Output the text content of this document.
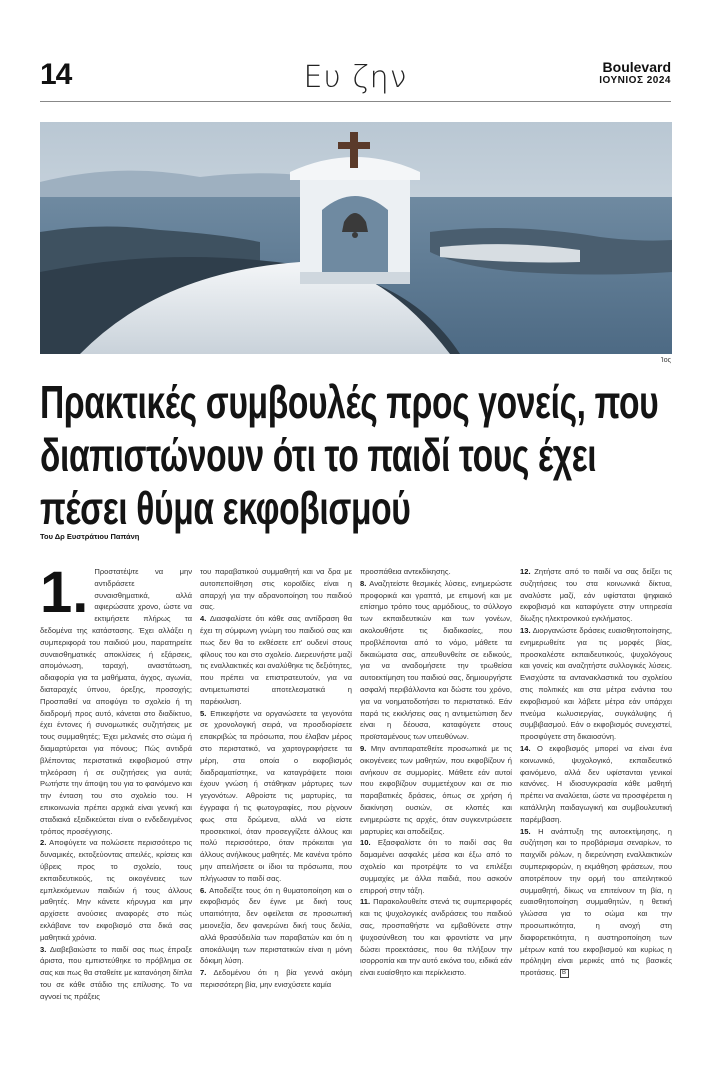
14	Ευ ζην	Boulevard
ΙΟΥΝΙΟΣ 2024
Ίος
Πρακτικές συμβουλές προς γονείς, που διαπιστώνουν ότι το παιδί τους έχει πέσει θύμα εκφοβισμού
Του Δρ Ευστράτιου Παπάνη

1. Προστατέψτε να μην αντιδράσετε συναισθηματικά, αλλά αφιερώσατε χρονο, ώστε να εκτιμήσετε πλήρως τα δεδομένα της κατάστασης. Έχει αλλάξει η συμπεριφορά του παιδιού μου, παρατηρείτε συναισθηματικές αποκλίσεις ή εξάρσεις, απομόνωση, ταραχή, αναστάτωση, αδιαφορία για τα μαθήματα, άγχος, αγωνία, διαταραχές ύπνου, όρεξης, προσοχής; Προσπαθεί να αποφύγει το σχολείο ή τη διαδρομή προς αυτό, κάνεται στο διαδίκτυο, έχει έντονες ή συνομωτικές συζητήσεις με τους συμμαθητές; Έχει μελανιές στο σώμα ή διαμαρτύρεται για πόνους; Πώς αντιδρά βλέποντας περιστατικά εκφοβισμού στην τηλεόραση ή σε συζητήσεις για αυτά; Ρωτήστε την άποψη του για το φαινόμενο και την ένταση του στο σχολείο του. Η επικοινωνία πρέπει αρχικά είναι γενική και σταδιακά εξειδικεύεται είναι ο ενδεδειγμένος τρόπος προσέγγισης.

2. Αποφύγετε να πολώσετε περισσότερο τις δυναμικές, εκτοξεύοντας απειλές, κρίσεις και ύβρεις προς το σχολείο, τους εκπαιδευτικούς, τις οικογένειες των εμπλεκόμενων παιδιών ή τους άλλους μαθητές. Μην κάνετε κήρυγμα και μην αρχίσετε ανούσιες αναφορές στο πώς εκλάβανε τον εκφοβισμό στα δικά σας μαθητικά χρόνια.

3. Διαβεβαιώστε το παιδί σας πως έπραξε άριστα, που εμπιστεύθηκε το πρόβλημα σε σας και πως θα σταθείτε με κατανόηση δίπλα του σε κάθε στάδιο της επίλυσης. Το να αγνοεί τις πράξεις

του παραβατικού συμμαθητή και να δρα με αυτοπεποίθηση στις κοροϊδίες είναι η απαρχή για την αδρανοποίηση του παιδιού σας.

4. Διασφαλίστε ότι κάθε σας αντίδραση θα έχει τη σύμφωνη γνώμη του παιδιού σας και πως δεν θα το εκθέσετε επ' ουδενί στους φίλους του και στο σχολείο. Διερευνήστε μαζί τις εναλλακτικές και αναλύθηκε τις δεξιότητες, που πρέπει να επιστρατευτούν, για να αντιμετωπιστεί αποτελεσματικά η παρέκκλιση.

5. Επικεφήστε να οργανώσετε τα γεγονότα σε χρονολογική σειρά, να προσδιορίσετε επακριβώς τα πρόσωπα, που έλαβαν μέρος στο περιστατικό, να χαρτογραφήσετε τα μέρη, στα οποία ο εκφοβισμός διαδραματίστηκε, να καταγράψετε ποιοι έχουν γνώση ή στάθηκαν μάρτυρες των γεγονότων. Αθροίστε τις μαρτυρίες, τα έγγραφα ή τις φωτογραφίες, που ρίχνουν φως στα δρώμενα, αλλά να είστε προσεκτικοί, όταν προσεγγίζετε άλλους και πολύ περισσότερο, όταν πρόκειται για άλλους ανήλικους μαθητές. Με κανένα τρόπο μην απειλήσετε οι ίδιοι τα πρόσωπα, που πλήγωσαν το παιδί σας.

6. Αποδείξτε τους ότι η θυματοποίηση και ο εκφοβισμός δεν έγινε με δική τους υπαιτιότητα, δεν οφείλεται σε προσωπική μειονεξία, δεν φανερώνει δική τους δειλία, αλλά θρασύδειλία των παραβατών και ότι η αποκάλυψη των περιστατικών είναι η μόνη δόκιμη λύση.

7. Δεδομένου ότι η βία γεννά ακόμη περισσότερη βία, μην ενισχύσετε καμία

προσπάθεια αντεκδίκησης.

8. Αναζητείστε θεσμικές λύσεις, ενημερώστε προφορικά και γραπτά, με επιμονή και με επίσημο τρόπο τους αρμόδιους, το σύλλογο των εκπαιδευτικών και των γονέων, ακολουθήστε τις διαδικασίες, που προβλέπονται από το νόμο, μάθετε τα δικαιώματα σας, απευθυνθείτε σε ειδικούς, για να αναδομήσετε την τρωθείσα αυτοεκτίμηση του παιδιού σας, δημιουργήστε ασφαλή περιβάλλοντα και δώστε του χρόνο, για να νοηματοδοτήσει το περιστατικό. Εάν παρά τις εκκλήσεις σας η αντιμετώπιση δεν είναι η δέουσα, καταφύγετε στους προϊσταμένους των υπευθύνων.

9. Μην αντιπαρατεθείτε προσωπικά με τις οικογένειες των μαθητών, που εκφοβίζουν ή ανήκουν σε συμμορίες. Μάθετε εάν αυτοί που εκφοβίζουν συμμετέχουν και σε πιο παραβατικές δράσεις, όπως σε χρήση ή διακίνηση ουσιών, σε κλοπές και ενημερώστε τις αρχές, όταν συγκεντρώσετε μαρτυρίες και αποδείξεις.

10. Εξασφαλίστε ότι το παιδί σας θα δαμαμένει ασφαλές μέσα και έξω από το σχολείο και προτρέψτε το να επιλέξει συμμαχίες με άλλα παιδιά, που ασκούν επιρροή στην τάξη.

11. Παρακολουθείτε στενά τις συμπεριφορές και τις ψυχολογικές ανιδράσεις του παιδιού σας, προσπαθήστε να εμβαθύνετε στην ψυχοσύνθεση του και φροντίστε να μην δώσει προεκτάσεις, που θα πλήξουν την ισορροπία και την αυτό εικόνα του, ειδικά εάν είναι ευαίσθητο και περίκλειστο.

12. Ζητήστε από το παιδί να σας δείξει τις συζητήσεις του στα κοινωνικά δίκτυα, αναλύστε μαζί, εάν υφίσταται ψηφιακό εκφοβισμό και καταφύγετε στην υπηρεσία δίωξης ηλεκτρονικού εγκλήματος.

13. Διοργανώστε δράσεις ευαισθητοποίησης, ενημερωθείτε για τις μορφές βίας, προσκαλέστε εκπαιδευτικούς, ψυχολόγους και γονείς και αναζητήστε συλλογικές λύσεις. Ενισχύστε τα αντανακλαστικά του σχολείου στις πολιτικές και στα μέτρα ενάντια του εκφοβισμού και λάβετε μέτρα εάν υπάρχει πνεύμα κωλυσιεργίας, συγκάλυψης ή συμβιβασμού. Εάν ο εκφοβισμός συνεχιστεί, προσφύγετε στη δικαιοσύνη.

14. Ο εκφοβισμός μπορεί να είναι ένα κοινωνικό, ψυχολογικό, εκπαιδευτικό φαινόμενο, αλλά δεν υφίστανται γενικοί κανόνες. Η ιδιοσυγκρασία κάθε μαθητή πρέπει να αναλύεται, ώστε να προσφέρεται η κατάλληλη παιδαγωγική και συμβουλευτική παρέμβαση.

15. Η ανάπτυξη της αυτοεκτίμησης, η συζήτηση και το προβάρισμα σεναρίων, το παιχνίδι ρόλων, η διερεύνηση εναλλακτικών συμπεριφορών, η εκμάθηση φράσεων, που αποτρέπουν την ορμή του απειλητικού συμμαθητή, δίκως να επιτείνουν τη βία, η ευαισθητοποίηση συμμαθητών, η θετική γλώσσα για το σώμα και την προσωπικότητα, η ανοχή στη διαφορετικότητα, η αυστηροποίηση των μέτρων κατά του εκφοβισμού και κυρίως η πρόληψη είναι μερικές από τις βασικές προτάσεις. B
